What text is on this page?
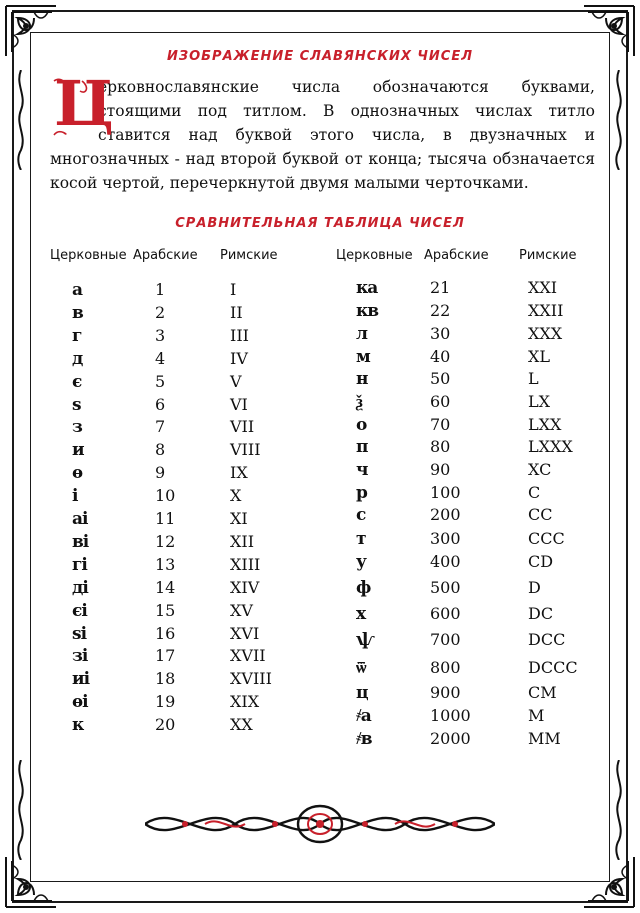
ИЗОБРАЖЕНИЕ СЛАВЯНСКИХ ЧИСЕЛ
Ц
ерковнославянские числа обозначаются буквами, стоящими под титлом. В однозначных числах титло ставится над буквой этого числа, в двузначных и многозначных - над второй буквой от конца; тысяча обзначается косой чертой, перечеркнутой двумя малыми черточками.
СРАВНИТЕЛЬНАЯ ТАБЛИЦА ЧИСЕЛ
Церковные Арабские Римские
а	1	I
в	2	II
г	3	III
д	4	IV
є	5	V
ѕ	6	VI
з	7	VII
и	8	VIII
ѳ	9	IX
і	10	X
аі	11	XI
ві	12	XII
гі	13	XIII
ді	14	XIV
єі	15	XV
ѕі	16	XVI
зі	17	XVII
иі	18	XVIII
ѳі	19	XIX
к	20	XX
Церковные Арабские Римские
ка	21	XXI
кв	22	XXII
л	30	XXX
м	40	XL
н	50	L
ѯ	60	LX
о	70	LXX
п	80	LXXX
ч	90	XC
р	100	C
с	200	CC
т	300	CCC
у	400	CD
ф	500	D
х	600	DC
ѱ	700	DCC
ѿ	800	DCCC
ц	900	CM
҂а	1000	M
҂в	2000	MM
